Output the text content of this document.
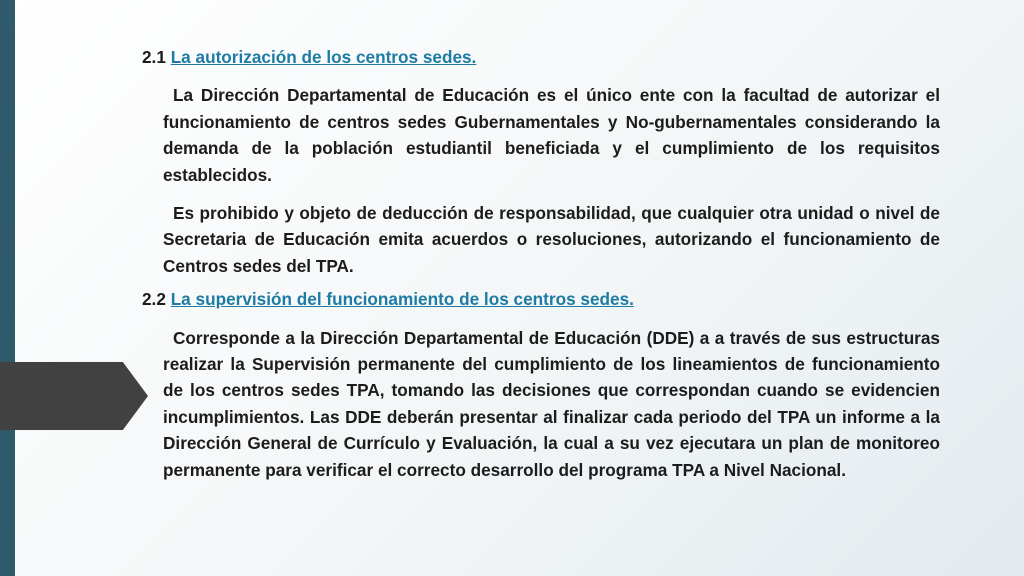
2.1 La autorización de los centros sedes.

La Dirección Departamental de Educación es el único ente con la facultad de autorizar el funcionamiento de centros sedes Gubernamentales y No-gubernamentales considerando la demanda de la población estudiantil beneficiada y el cumplimiento de los requisitos establecidos.

Es prohibido y objeto de deducción de responsabilidad, que cualquier otra unidad o nivel de Secretaria de Educación emita acuerdos o resoluciones, autorizando el funcionamiento de Centros sedes del TPA.

2.2 La supervisión del funcionamiento de los centros sedes.

Corresponde a la Dirección Departamental de Educación (DDE) a a través de sus estructuras realizar la Supervisión permanente del cumplimiento de los lineamientos de funcionamiento de los centros sedes TPA, tomando las decisiones que correspondan cuando se evidencien incumplimientos. Las DDE deberán presentar al finalizar cada periodo del TPA un informe a la Dirección General de Currículo y Evaluación, la cual a su vez ejecutara un plan de monitoreo permanente para verificar el correcto desarrollo del programa TPA a Nivel Nacional.
